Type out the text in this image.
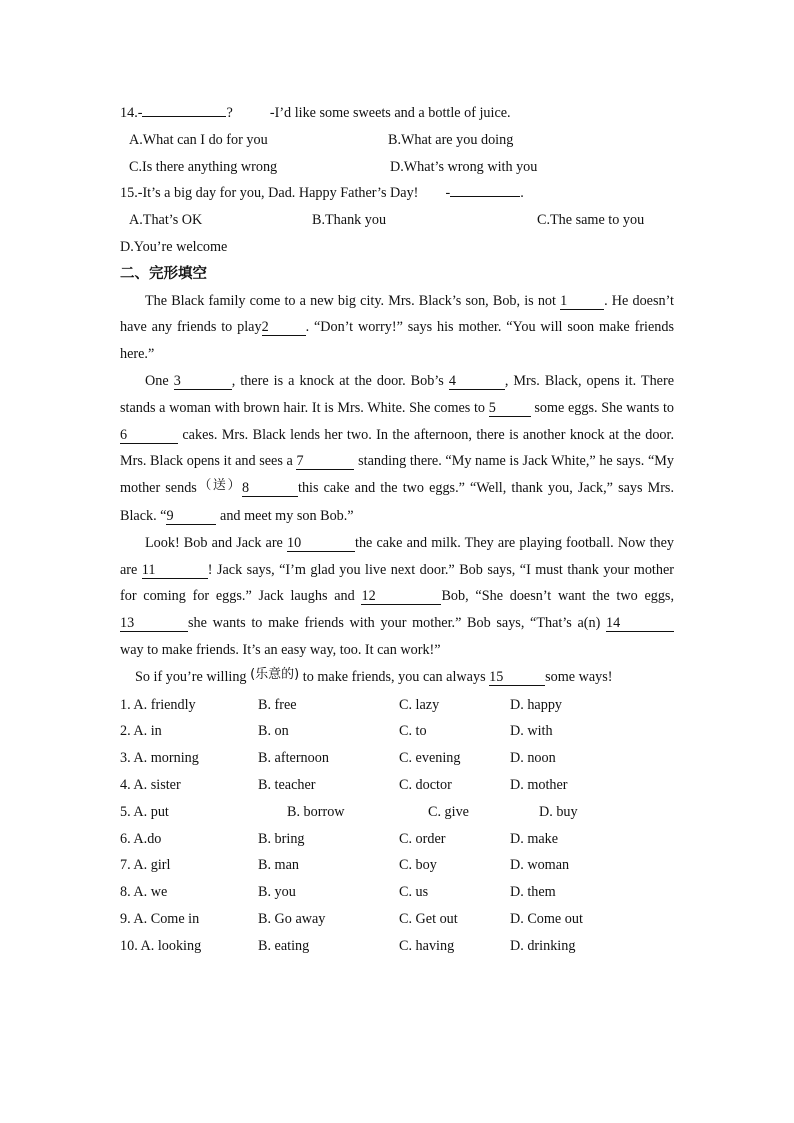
14.-	?	-I’d like some sweets and a bottle of juice.
A.What can I do for you	B.What are you doing
C.Is there anything wrong	D.What’s wrong with you
15.-It’s a big day for you, Dad. Happy Father’s Day! -	.
A.That’s OK	B.Thank you	C.The same to you
D.You’re welcome
二、完形填空

The Black family come to a new big city. Mrs. Black’s son, Bob, is not 1	. He doesn’t have any friends to play2	. “Don’t worry!” says his mother. “You will soon make friends here.”

One 3	, there is a knock at the door. Bob’s 4	, Mrs. Black, opens it. There stands a woman with brown hair. It is Mrs. White. She comes to 5 some eggs. She wants to 6	cakes. Mrs. Black lends her two. In the afternoon, there is another knock at the door. Mrs. Black opens it and sees a 7	standing there. “My name is Jack White,” he says. “My mother sends（送）8	this cake and the two eggs.” “Well, thank you, Jack,” says Mrs. Black. “9	and meet my son Bob.”

Look! Bob and Jack are 10	the cake and milk. They are playing football. Now they are 11	! Jack says, “I’m glad you live next door.” Bob says, “I must thank your mother for coming for eggs.” Jack laughs and 12	Bob, “She doesn’t want the two eggs, 13	she wants to make friends with your mother.” Bob says, “That’s a(n) 14 way to make friends. It’s an easy way, too. It can work!”

So if you’re willing (乐意的) to make friends, you can always 15	some ways!

1. A. friendly	B. free	C. lazy	D. happy
2. A. in	B. on	C. to	D. with
3. A. morning	B. afternoon	C. evening	D. noon
4. A. sister	B. teacher	C. doctor	D. mother
5. A. put	B. borrow	C. give	D. buy
6. A.do	B. bring	C. order	D. make
7. A. girl	B. man	C. boy	D. woman
8. A. we	B. you	C. us	D. them
9. A. Come in	B. Go away	C. Get out	D. Come out
10. A. looking	B. eating	C. having	D. drinking
